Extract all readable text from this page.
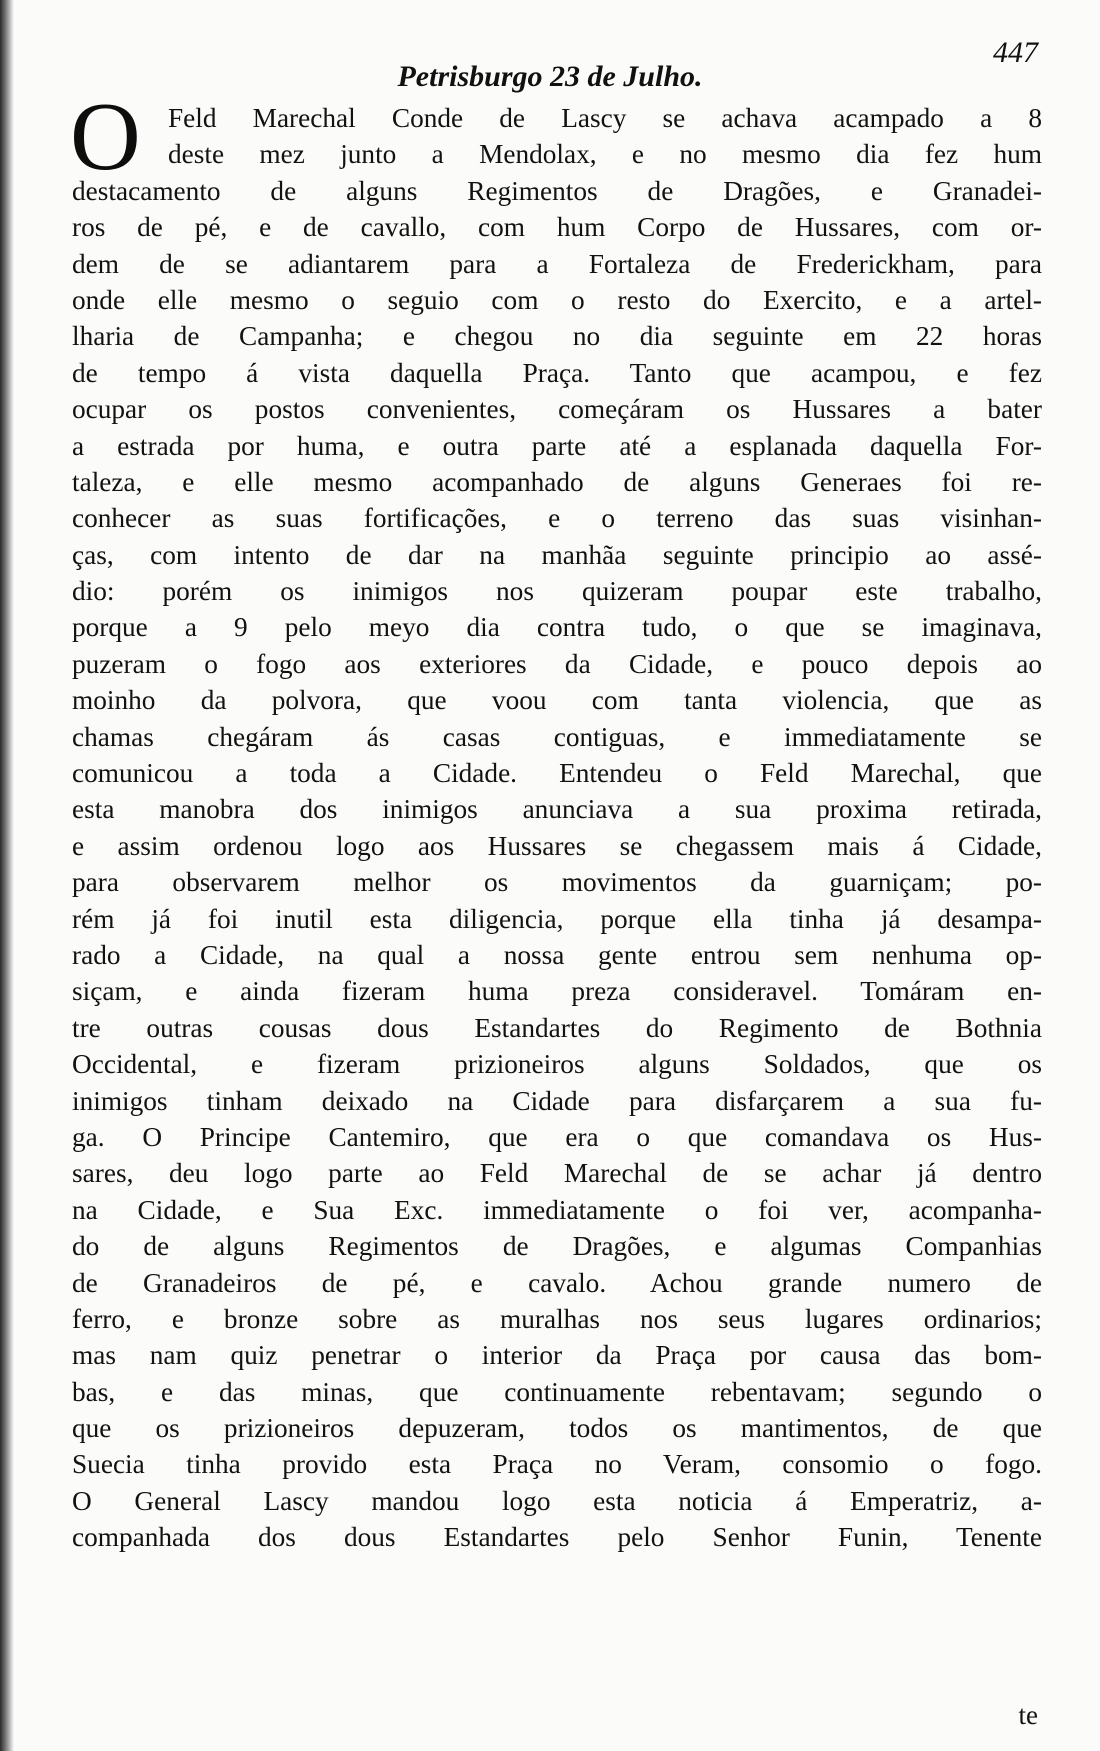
447
Petrisburgo 23 de Julho.
O Feld Marechal Conde de Lascy se achava acampado a 8
deste mez junto a Mendolax, e no mesmo dia fez hum
destacamento de alguns Regimentos de Dragões, e Granadei-
ros de pé, e de cavallo, com hum Corpo de Hussares, com or-
dem de se adiantarem para a Fortaleza de Frederickham, para
onde elle mesmo o seguio com o resto do Exercito, e a artel-
lharia de Campanha; e chegou no dia seguinte em 22 horas
de tempo á vista daquella Praça. Tanto que acampou, e fez
ocupar os postos convenientes, começáram os Hussares a bater
a estrada por huma, e outra parte até a esplanada daquella For-
taleza, e elle mesmo acompanhado de alguns Generaes foi re-
conhecer as suas fortificações, e o terreno das suas visinhan-
ças, com intento de dar na manhãa seguinte principio ao assé-
dio: porém os inimigos nos quizeram poupar este trabalho,
porque a 9 pelo meyo dia contra tudo, o que se imaginava,
puzeram o fogo aos exteriores da Cidade, e pouco depois ao
moinho da polvora, que voou com tanta violencia, que as
chamas chegáram ás casas contiguas, e immediatamente se
comunicou a toda a Cidade. Entendeu o Feld Marechal, que
esta manobra dos inimigos anunciava a sua proxima retirada,
e assim ordenou logo aos Hussares se chegassem mais á Cidade,
para observarem melhor os movimentos da guarniçam; po-
rém já foi inutil esta diligencia, porque ella tinha já desampa-
rado a Cidade, na qual a nossa gente entrou sem nenhuma op-
siçam, e ainda fizeram huma preza consideravel. Tomáram en-
tre outras cousas dous Estandartes do Regimento de Bothnia
Occidental, e fizeram prizioneiros alguns Soldados, que os
inimigos tinham deixado na Cidade para disfarçarem a sua fu-
ga. O Principe Cantemiro, que era o que comandava os Hus-
sares, deu logo parte ao Feld Marechal de se achar já dentro
na Cidade, e Sua Exc. immediatamente o foi ver, acompanha-
do de alguns Regimentos de Dragões, e algumas Companhias
de Granadeiros de pé, e cavalo. Achou grande numero de
ferro, e bronze sobre as muralhas nos seus lugares ordinarios;
mas nam quiz penetrar o interior da Praça por causa das bom-
bas, e das minas, que continuamente rebentavam; segundo o
que os prizioneiros depuzeram, todos os mantimentos, de que
Suecia tinha provido esta Praça no Veram, consomio o fogo.
O General Lascy mandou logo esta noticia á Emperatriz, a-
companhada dos dous Estandartes pelo Senhor Funin, Tenente
te
